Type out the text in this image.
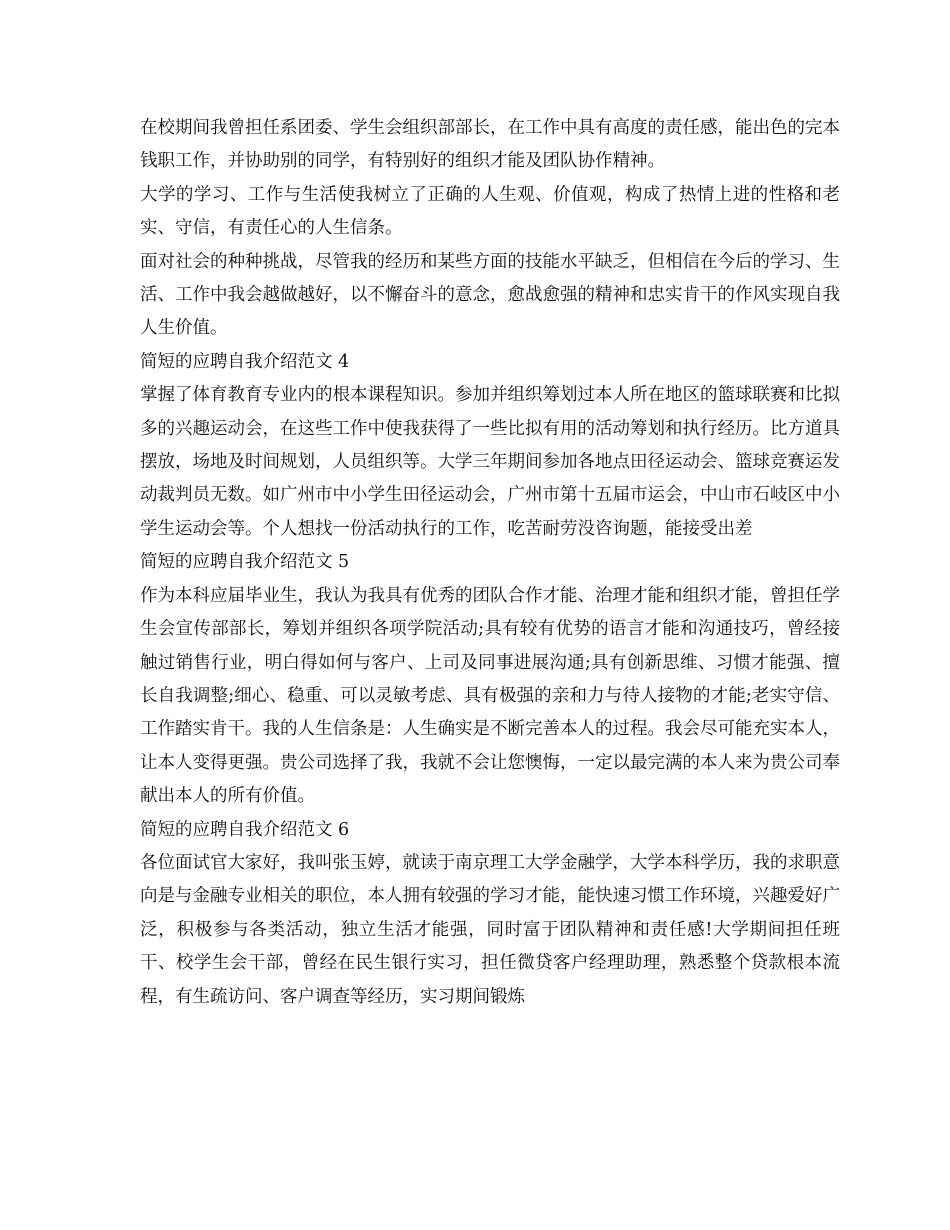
在校期间我曾担任系团委、学生会组织部部长，在工作中具有高度的责任感，能出色的完本钱职工作，并协助别的同学，有特别好的组织才能及团队协作精神。

大学的学习、工作与生活使我树立了正确的人生观、价值观，构成了热情上进的性格和老实、守信，有责任心的人生信条。

面对社会的种种挑战，尽管我的经历和某些方面的技能水平缺乏，但相信在今后的学习、生活、工作中我会越做越好，以不懈奋斗的意念，愈战愈强的精神和忠实肯干的作风实现自我人生价值。

简短的应聘自我介绍范文 4

掌握了体育教育专业内的根本课程知识。参加并组织筹划过本人所在地区的篮球联赛和比拟多的兴趣运动会，在这些工作中使我获得了一些比拟有用的活动筹划和执行经历。比方道具摆放，场地及时间规划，人员组织等。大学三年期间参加各地点田径运动会、篮球竞赛运发动裁判员无数。如广州市中小学生田径运动会，广州市第十五届市运会，中山市石岐区中小学生运动会等。个人想找一份活动执行的工作，吃苦耐劳没咨询题，能接受出差

简短的应聘自我介绍范文 5

作为本科应届毕业生，我认为我具有优秀的团队合作才能、治理才能和组织才能，曾担任学生会宣传部部长，筹划并组织各项学院活动;具有较有优势的语言才能和沟通技巧，曾经接触过销售行业，明白得如何与客户、上司及同事进展沟通;具有创新思维、习惯才能强、擅长自我调整;细心、稳重、可以灵敏考虑、具有极强的亲和力与待人接物的才能;老实守信、工作踏实肯干。我的人生信条是：人生确实是不断完善本人的过程。我会尽可能充实本人，让本人变得更强。贵公司选择了我，我就不会让您懊悔，一定以最完满的本人来为贵公司奉献出本人的所有价值。

简短的应聘自我介绍范文 6

各位面试官大家好，我叫张玉婷，就读于南京理工大学金融学，大学本科学历，我的求职意向是与金融专业相关的职位，本人拥有较强的学习才能，能快速习惯工作环境，兴趣爱好广泛，积极参与各类活动，独立生活才能强，同时富于团队精神和责任感!大学期间担任班干、校学生会干部，曾经在民生银行实习，担任微贷客户经理助理，熟悉整个贷款根本流程，有生疏访问、客户调查等经历，实习期间锻炼
